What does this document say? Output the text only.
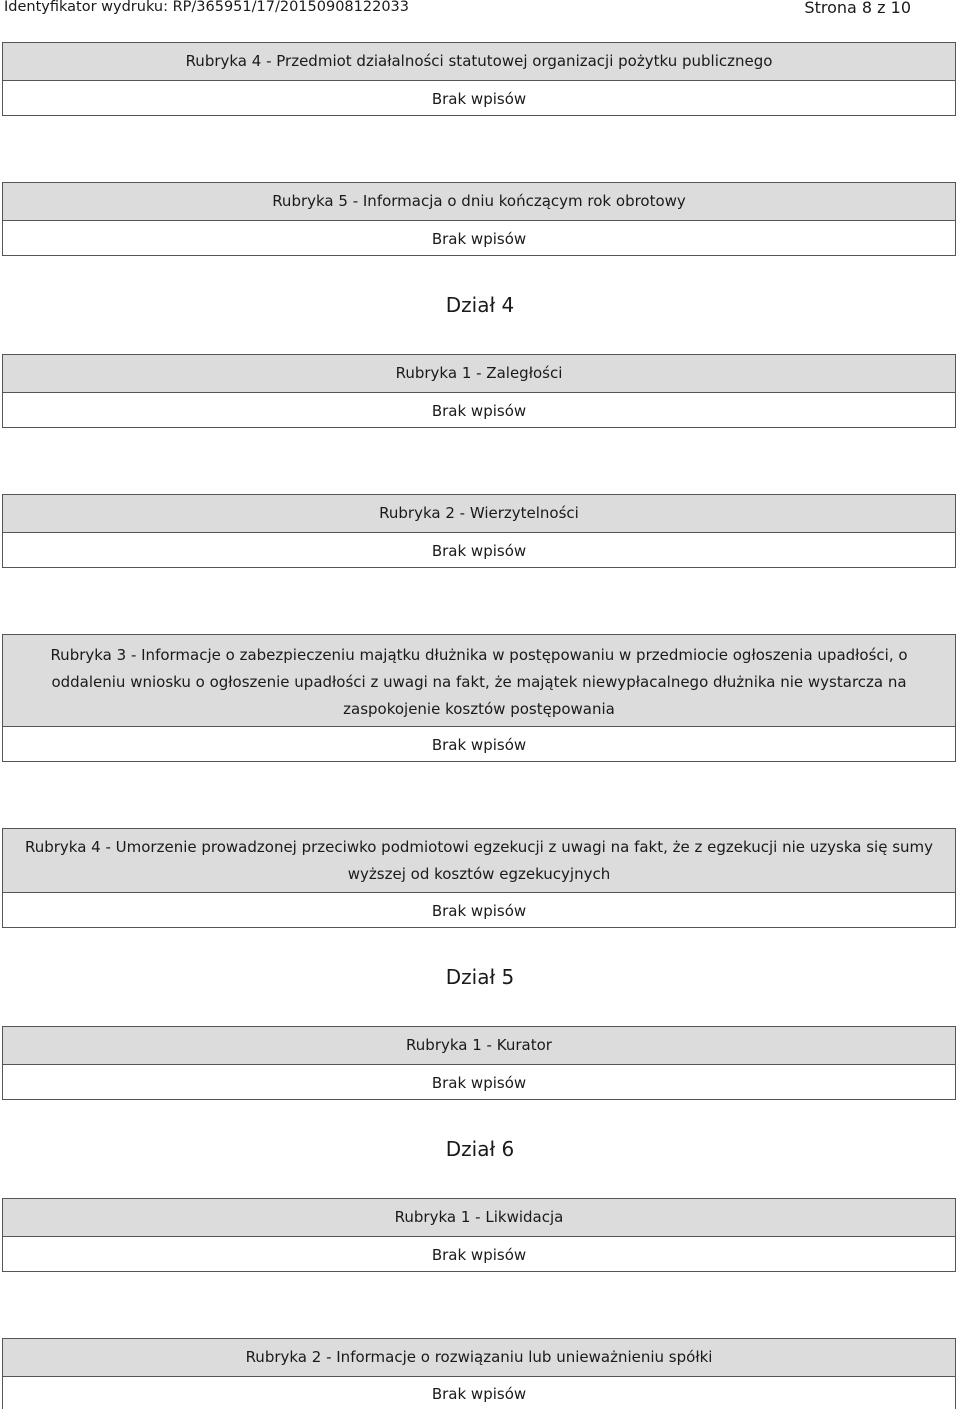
Identyfikator wydruku: RP/365951/17/20150908122033	Strona 8 z 10
Rubryka 4 - Przedmiot działalności statutowej organizacji pożytku publicznego
Brak wpisów
Rubryka 5 - Informacja o dniu kończącym rok obrotowy
Brak wpisów
Dział 4
Rubryka 1 - Zaległości
Brak wpisów
Rubryka 2 - Wierzytelności
Brak wpisów
Rubryka 3 - Informacje o zabezpieczeniu majątku dłużnika w postępowaniu w przedmiocie ogłoszenia upadłości, o oddaleniu wniosku o ogłoszenie upadłości z uwagi na fakt, że majątek niewypłacalnego dłużnika nie wystarcza na zaspokojenie kosztów postępowania
Brak wpisów
Rubryka 4 - Umorzenie prowadzonej przeciwko podmiotowi egzekucji z uwagi na fakt, że z egzekucji nie uzyska się sumy wyższej od kosztów egzekucyjnych
Brak wpisów
Dział 5
Rubryka 1 - Kurator
Brak wpisów
Dział 6
Rubryka 1 - Likwidacja
Brak wpisów
Rubryka 2 - Informacje o rozwiązaniu lub unieważnieniu spółki
Brak wpisów
